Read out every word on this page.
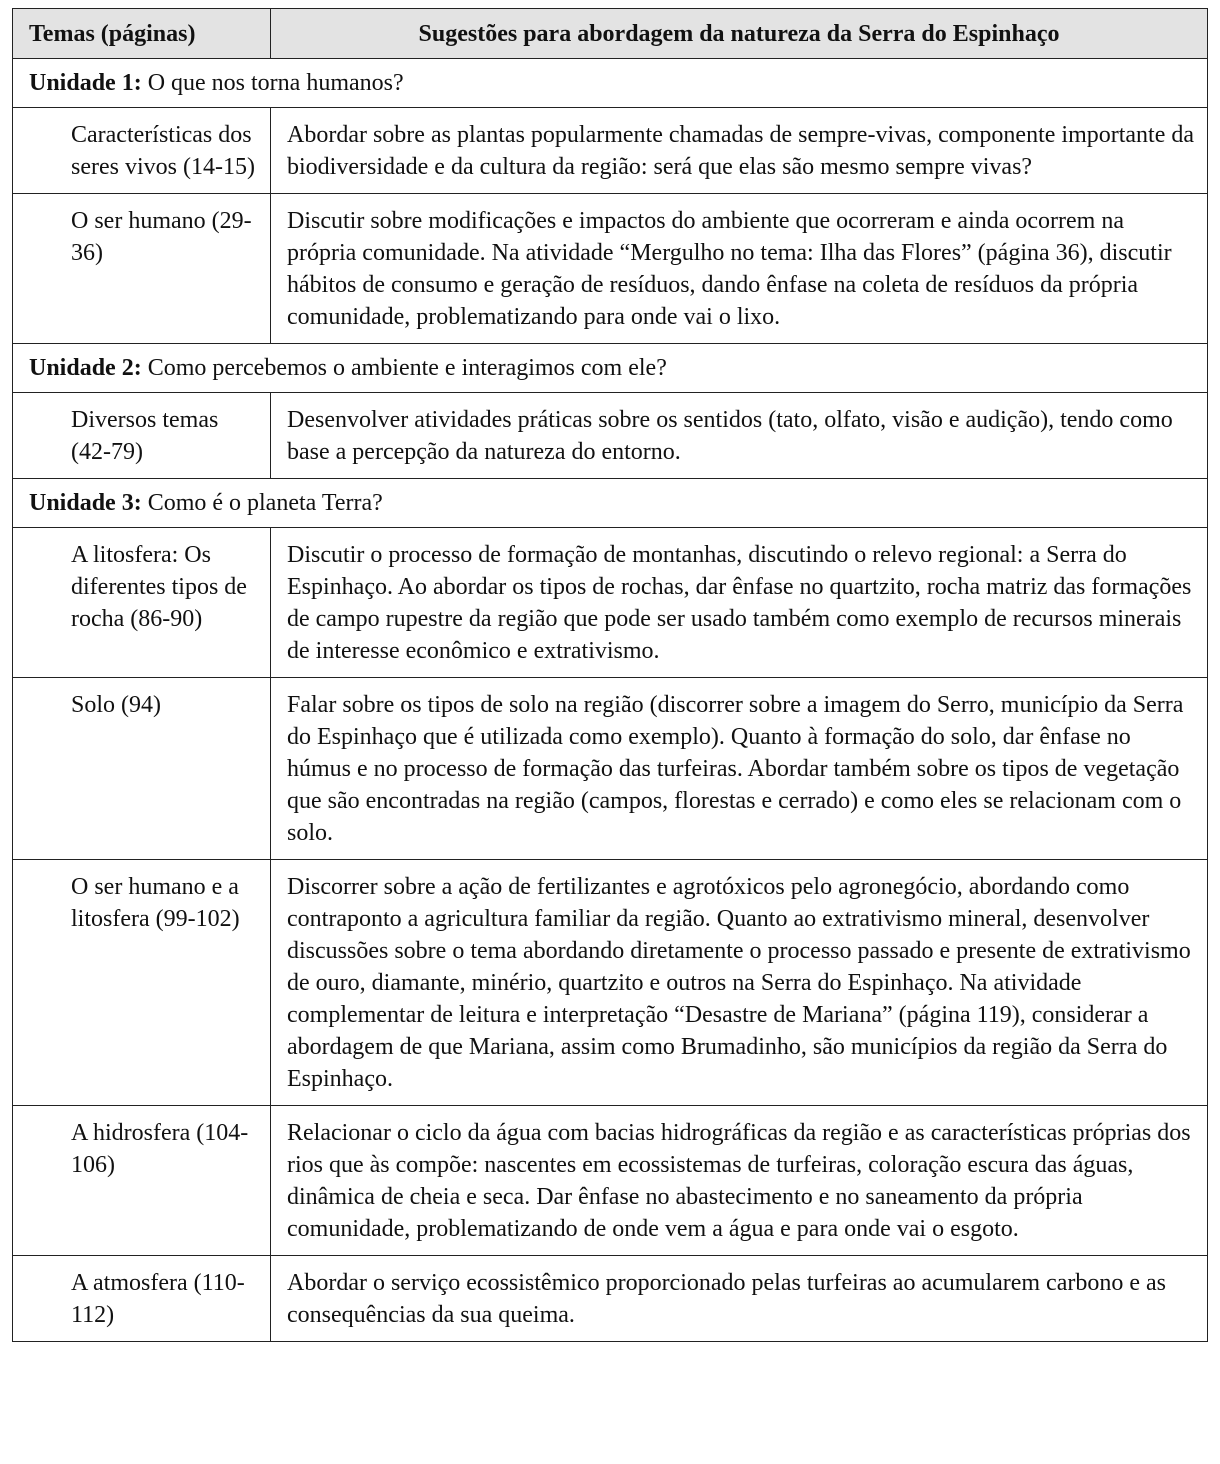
Temas (páginas)	Sugestões para abordagem da natureza da Serra do Espinhaço
Unidade 1: O que nos torna humanos?	
Características dos seres vivos (14-15)	Abordar sobre as plantas popularmente chamadas de sempre-vivas, componente importante da biodiversidade e da cultura da região: será que elas são mesmo sempre vivas?
O ser humano (29-36)	Discutir sobre modificações e impactos do ambiente que ocorreram e ainda ocorrem na própria comunidade. Na atividade “Mergulho no tema: Ilha das Flores” (página 36), discutir hábitos de consumo e geração de resíduos, dando ênfase na coleta de resíduos da própria comunidade, problematizando para onde vai o lixo.
Unidade 2: Como percebemos o ambiente e interagimos com ele?	
Diversos temas (42-79)	Desenvolver atividades práticas sobre os sentidos (tato, olfato, visão e audição), tendo como base a percepção da natureza do entorno.
Unidade 3: Como é o planeta Terra?	
A litosfera: Os diferentes tipos de rocha (86-90)	Discutir o processo de formação de montanhas, discutindo o relevo regional: a Serra do Espinhaço. Ao abordar os tipos de rochas, dar ênfase no quartzito, rocha matriz das formações de campo rupestre da região que pode ser usado também como exemplo de recursos minerais de interesse econômico e extrativismo.
Solo (94)	Falar sobre os tipos de solo na região (discorrer sobre a imagem do Serro, município da Serra do Espinhaço que é utilizada como exemplo). Quanto à formação do solo, dar ênfase no húmus e no processo de formação das turfeiras. Abordar também sobre os tipos de vegetação que são encontradas na região (campos, florestas e cerrado) e como eles se relacionam com o solo.
O ser humano e a litosfera (99-102)	Discorrer sobre a ação de fertilizantes e agrotóxicos pelo agronegócio, abordando como contraponto a agricultura familiar da região. Quanto ao extrativismo mineral, desenvolver discussões sobre o tema abordando diretamente o processo passado e presente de extrativismo de ouro, diamante, minério, quartzito e outros na Serra do Espinhaço. Na atividade complementar de leitura e interpretação “Desastre de Mariana” (página 119), considerar a abordagem de que Mariana, assim como Brumadinho, são municípios da região da Serra do Espinhaço.
A hidrosfera (104-106)	Relacionar o ciclo da água com bacias hidrográficas da região e as características próprias dos rios que às compõe: nascentes em ecossistemas de turfeiras, coloração escura das águas, dinâmica de cheia e seca. Dar ênfase no abastecimento e no saneamento da própria comunidade, problematizando de onde vem a água e para onde vai o esgoto.
A atmosfera (110-112)	Abordar o serviço ecossistêmico proporcionado pelas turfeiras ao acumularem carbono e as consequências da sua queima.
